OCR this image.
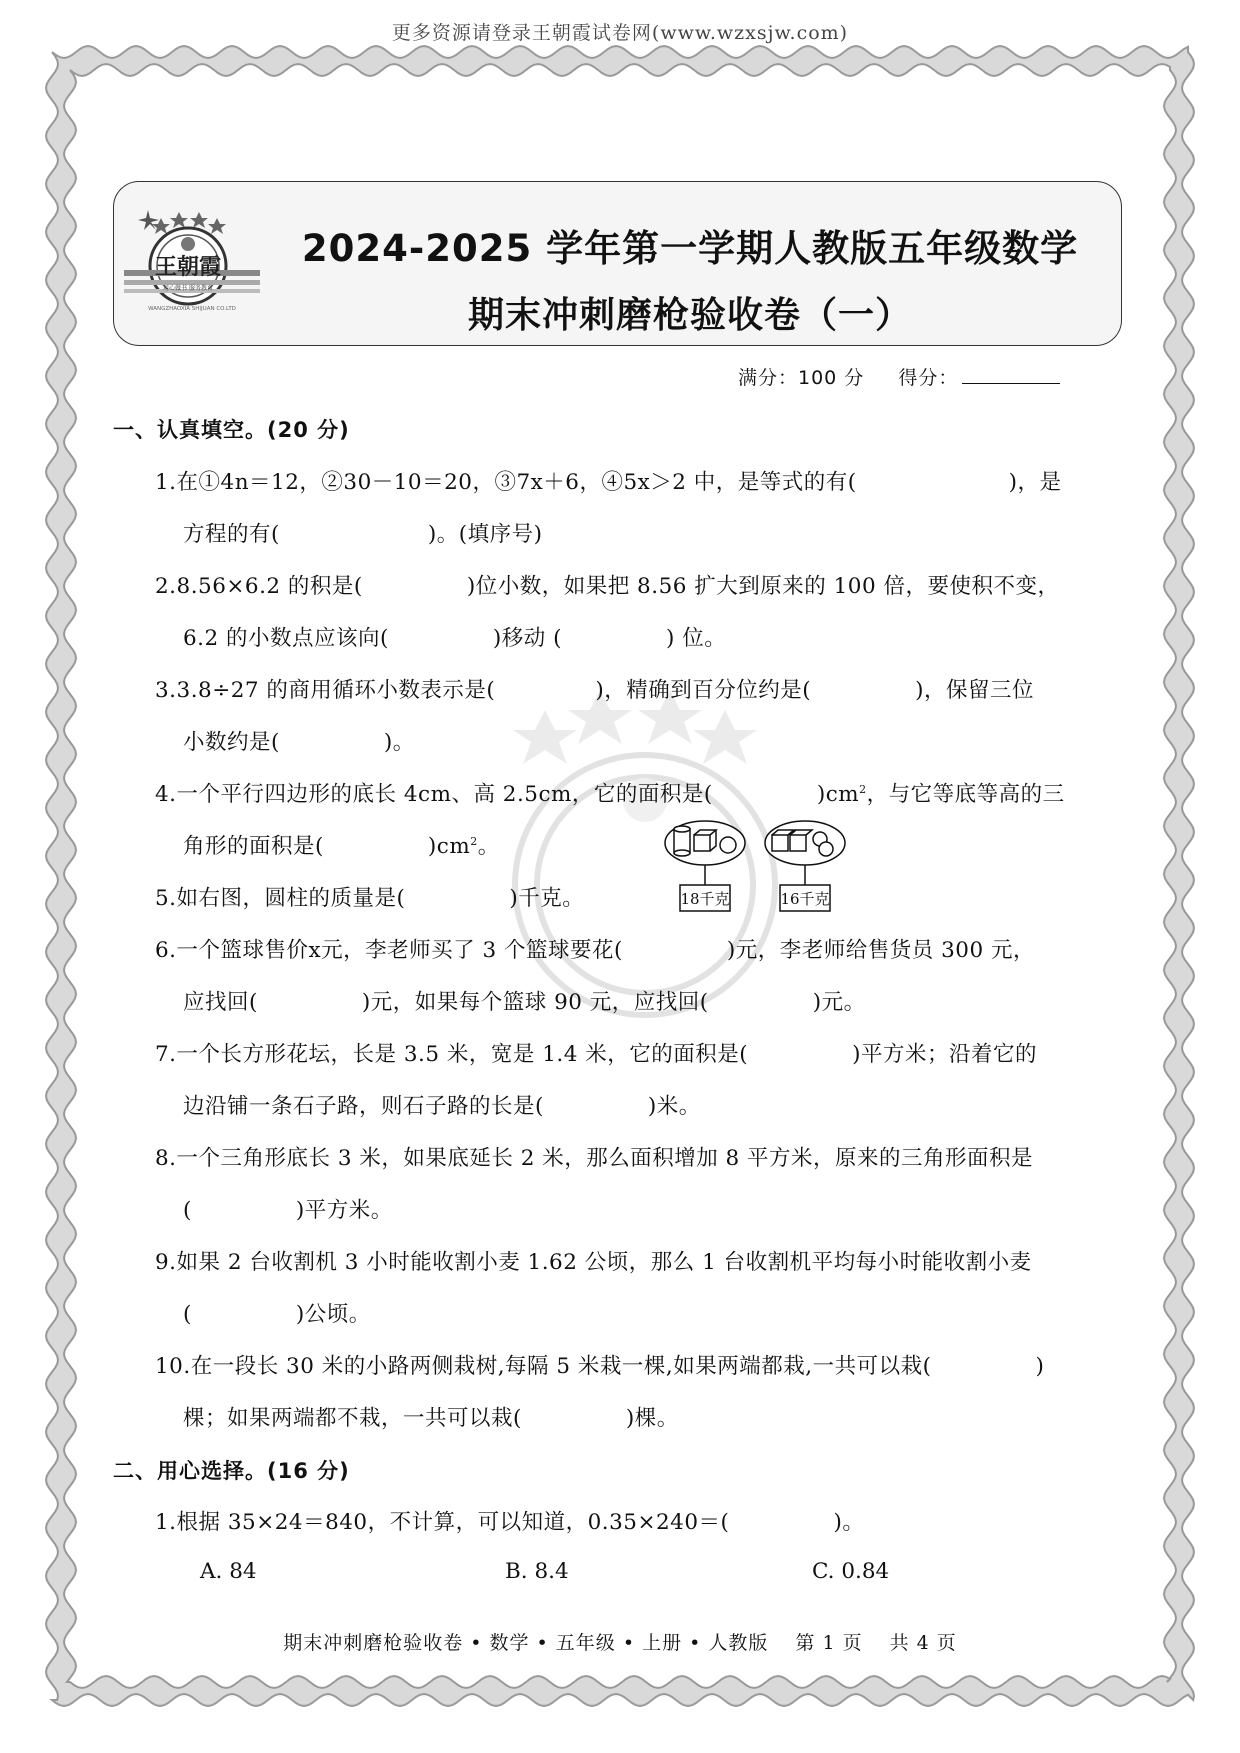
更多资源请登录王朝霞试卷网(www.wzxsjw.com)
王朝霞
用心做书 服务教育
WANGZHAOXIA SHIJUAN CO.LTD
2024-2025 学年第一学期人教版五年级数学
期末冲刺磨枪验收卷（一）
满分：100 分 得分：
18千克	16千克
一、认真填空。(20 分)
1.在①4n＝12，②30－10＝20，③7x＋6，④5x＞2 中，是等式的有(	)，是
方程的有(	)。(填序号)
2.8.56×6.2 的积是(	)位小数，如果把 8.56 扩大到原来的 100 倍，要使积不变，
6.2 的小数点应该向(	)移动 (	) 位。
3.3.8÷27 的商用循环小数表示是(	)，精确到百分位约是(	)，保留三位
小数约是(	)。
4.一个平行四边形的底长 4cm、高 2.5cm，它的面积是(	)$cm^2$，与它等底等高的三
角形的面积是(	)$cm^2$。
5.如右图，圆柱的质量是(	)千克。
6.一个篮球售价x元，李老师买了 3 个篮球要花(	)元，李老师给售货员 300 元，
应找回(	)元，如果每个篮球 90 元，应找回(	)元。
7.一个长方形花坛，长是 3.5 米，宽是 1.4 米，它的面积是(	)平方米；沿着它的
边沿铺一条石子路，则石子路的长是(	)米。
8.一个三角形底长 3 米，如果底延长 2 米，那么面积增加 8 平方米，原来的三角形面积是
(	)平方米。
9.如果 2 台收割机 3 小时能收割小麦 1.62 公顷，那么 1 台收割机平均每小时能收割小麦
(	)公顷。
10.在一段长 30 米的小路两侧栽树,每隔 5 米栽一棵,如果两端都栽,一共可以栽(	)
棵；如果两端都不栽，一共可以栽(	)棵。
二、用心选择。(16 分)
1.根据 35×24＝840，不计算，可以知道，0.35×240＝(	)。
A. 84	B. 8.4	C. 0.84
期末冲刺磨枪验收卷 • 数学 • 五年级 • 上册 • 人教版　 第 1 页　 共 4 页
